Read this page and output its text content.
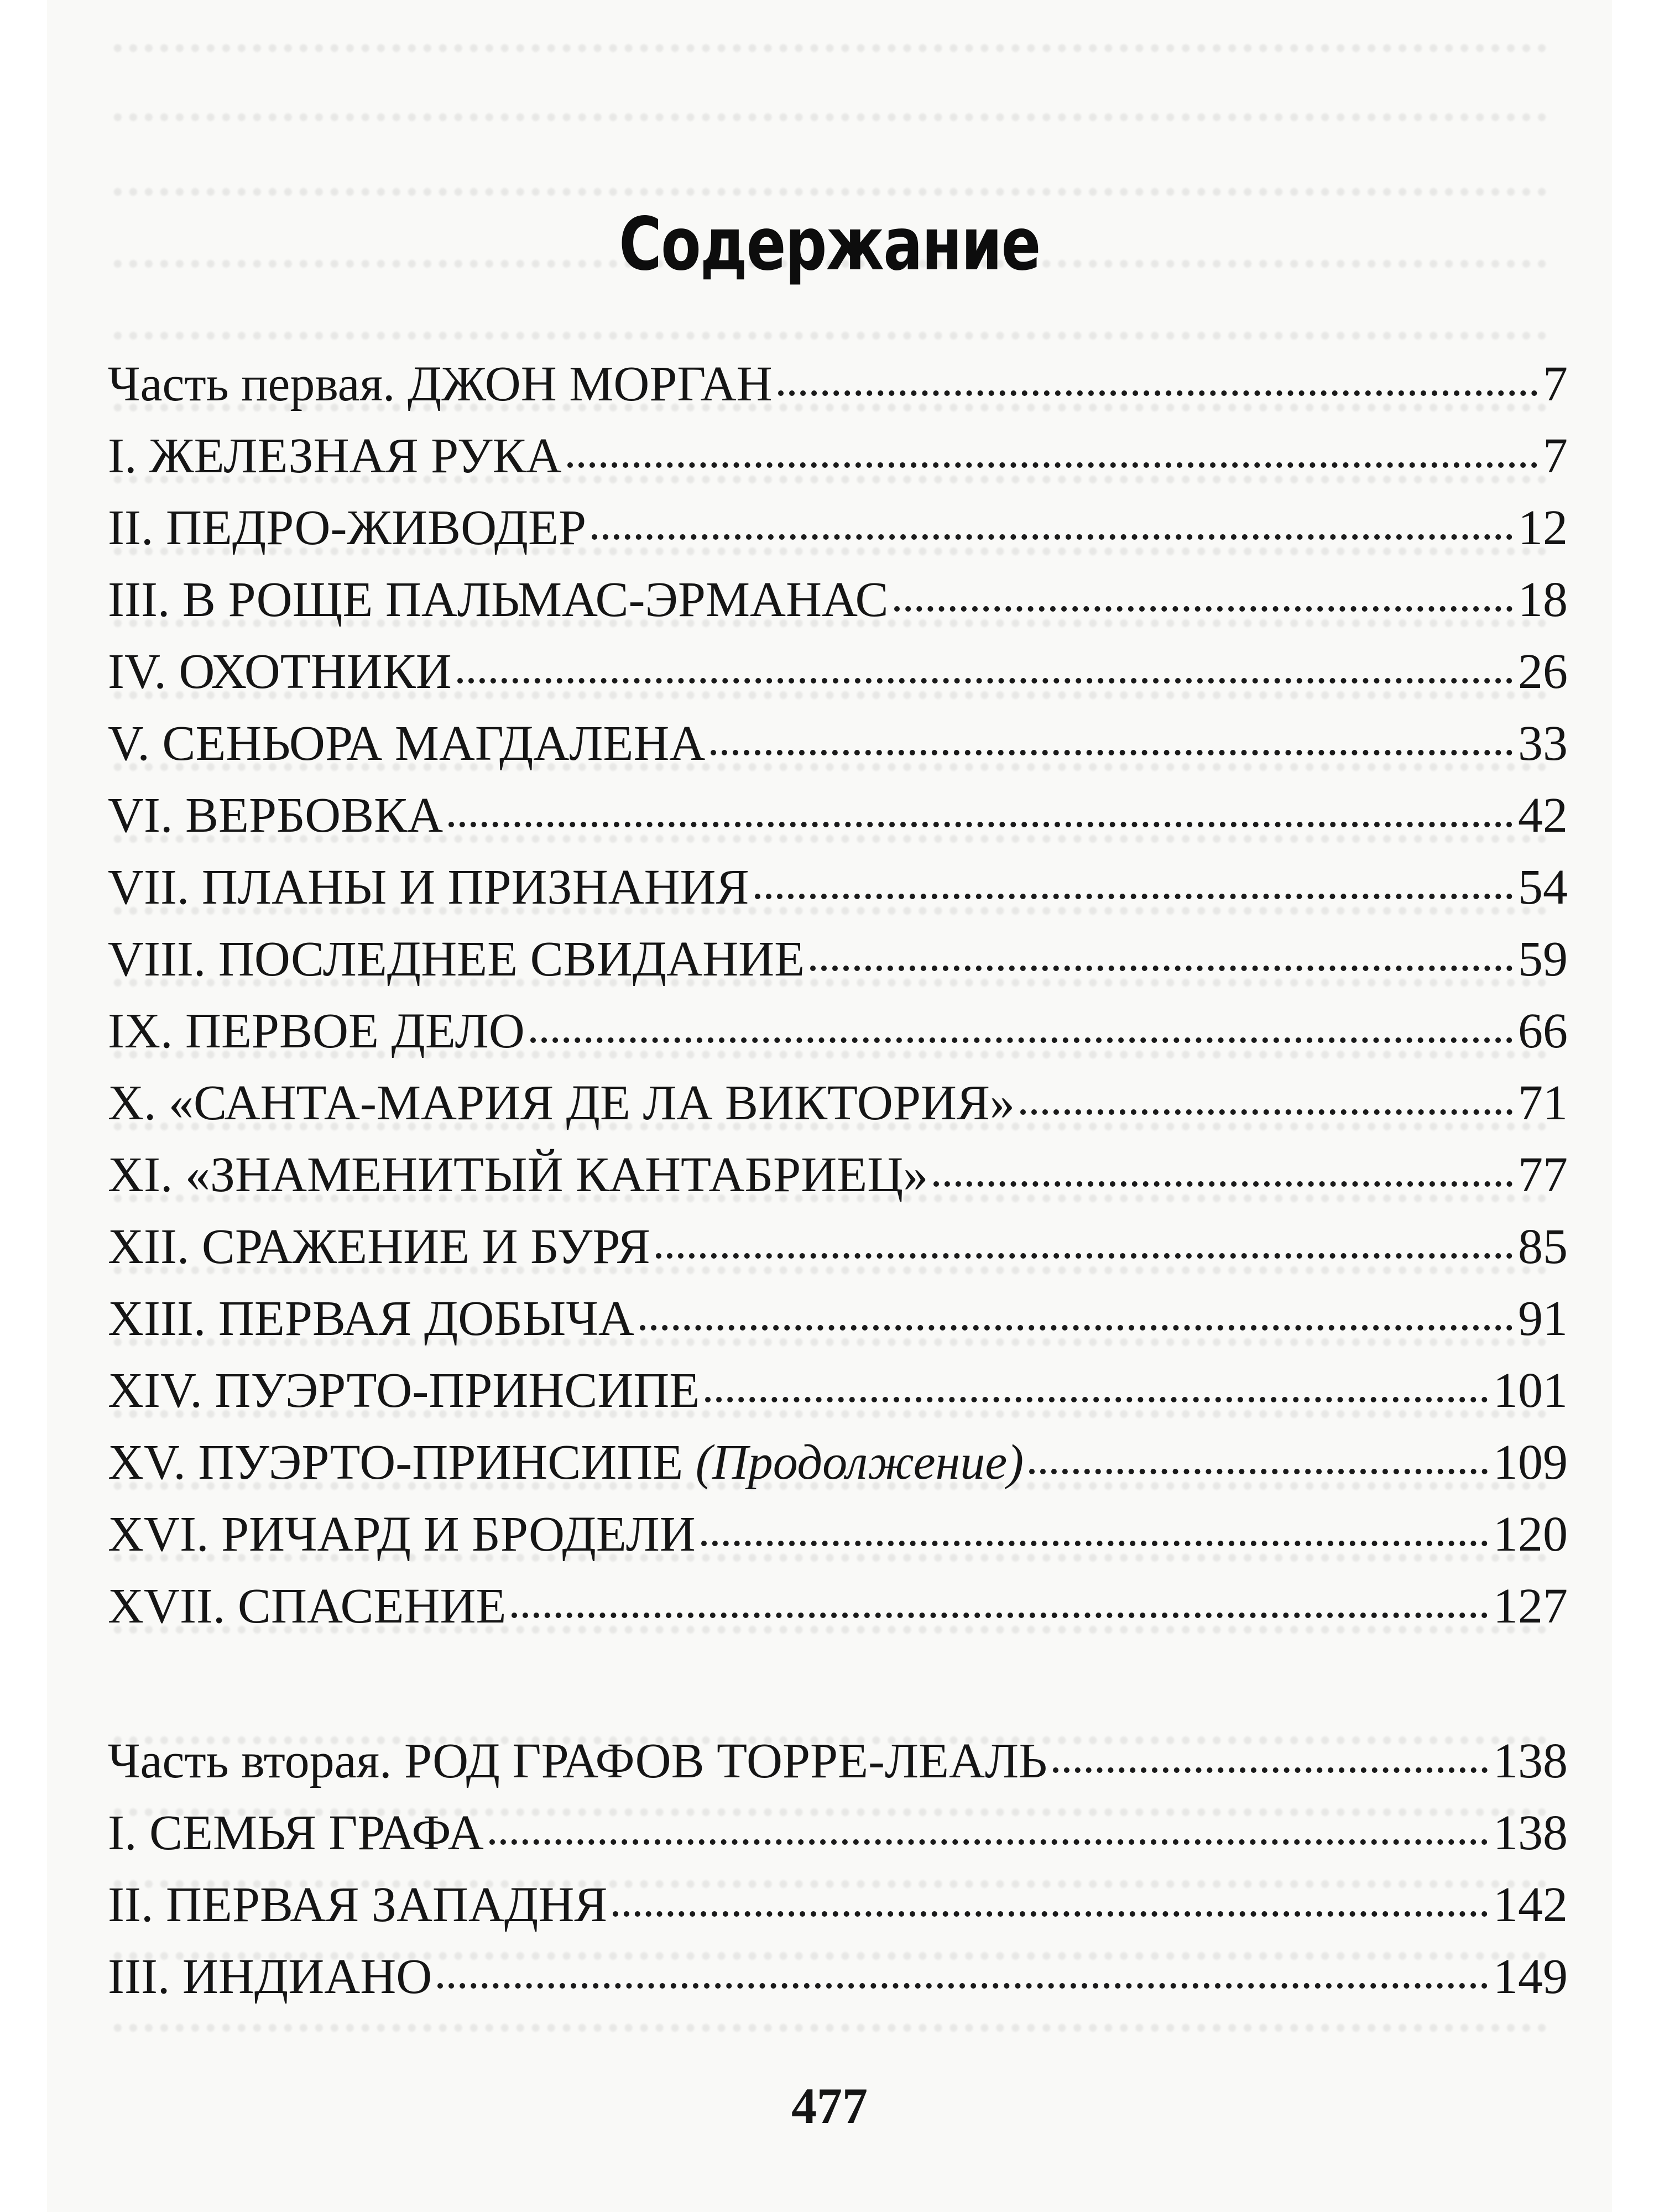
Содержание
Часть первая. ДЖОН МОРГАН	7
I. ЖЕЛЕЗНАЯ РУКА	7
II. ПЕДРО-ЖИВОДЕР	12
III. В РОЩЕ ПАЛЬМАС-ЭРМАНАС	18
IV. ОХОТНИКИ	26
V. СЕНЬОРА МАГДАЛЕНА	33
VI. ВЕРБОВКА	42
VII. ПЛАНЫ И ПРИЗНАНИЯ	54
VIII. ПОСЛЕДНЕЕ СВИДАНИЕ	59
IX. ПЕРВОЕ ДЕЛО	66
X. «САНТА-МАРИЯ ДЕ ЛА ВИКТОРИЯ»	71
XI. «ЗНАМЕНИТЫЙ КАНТАБРИЕЦ»	77
XII. СРАЖЕНИЕ И БУРЯ	85
XIII. ПЕРВАЯ ДОБЫЧА	91
XIV. ПУЭРТО-ПРИНСИПЕ	101
XV. ПУЭРТО-ПРИНСИПЕ (Продолжение)	109
XVI. РИЧАРД И БРОДЕЛИ	120
XVII. СПАСЕНИЕ	127
Часть вторая. РОД ГРАФОВ ТОРРЕ-ЛЕАЛЬ	138
I. СЕМЬЯ ГРАФА	138
II. ПЕРВАЯ ЗАПАДНЯ	142
III. ИНДИАНО	149
477
